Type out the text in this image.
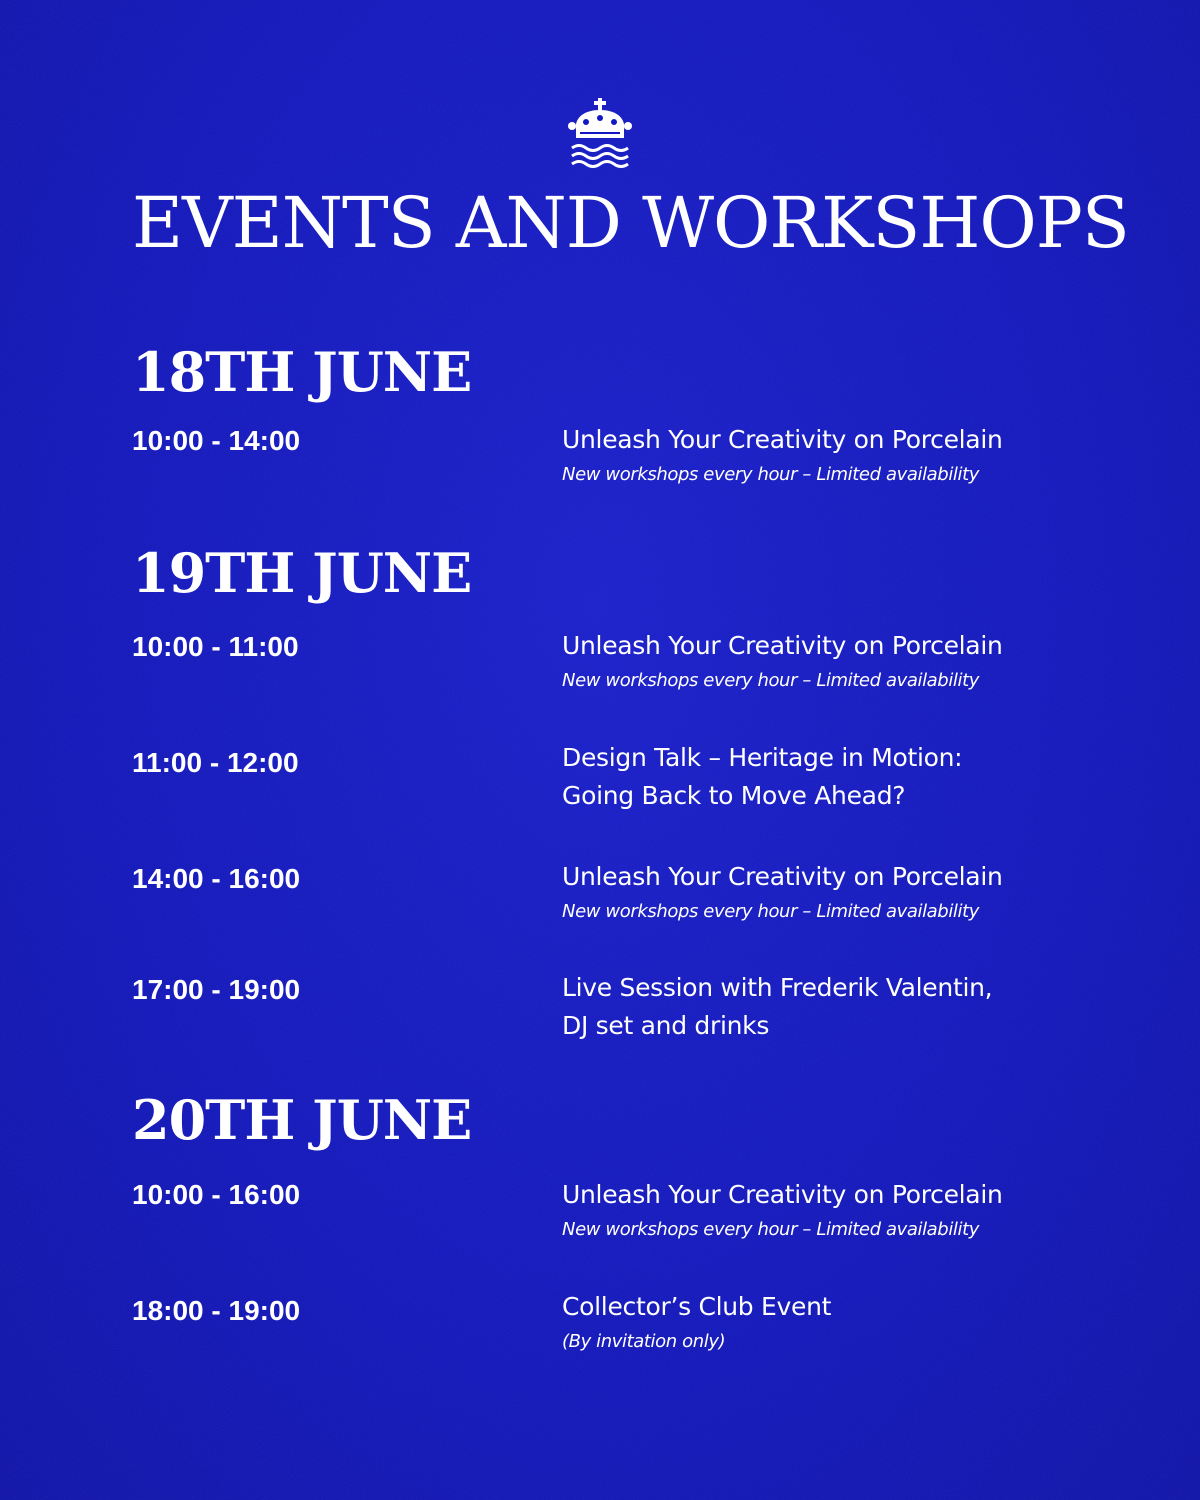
EVENTS AND WORKSHOPS
18TH JUNE
10:00 - 14:00	Unleash Your Creativity on Porcelain
New workshops every hour – Limited availability
19TH JUNE
10:00 - 11:00	Unleash Your Creativity on Porcelain
New workshops every hour – Limited availability
11:00 - 12:00	Design Talk – Heritage in Motion:
Going Back to Move Ahead?
14:00 - 16:00	Unleash Your Creativity on Porcelain
New workshops every hour – Limited availability
17:00 - 19:00	Live Session with Frederik Valentin,
DJ set and drinks
20TH JUNE
10:00 - 16:00	Unleash Your Creativity on Porcelain
New workshops every hour – Limited availability
18:00 - 19:00	Collector’s Club Event
(By invitation only)
